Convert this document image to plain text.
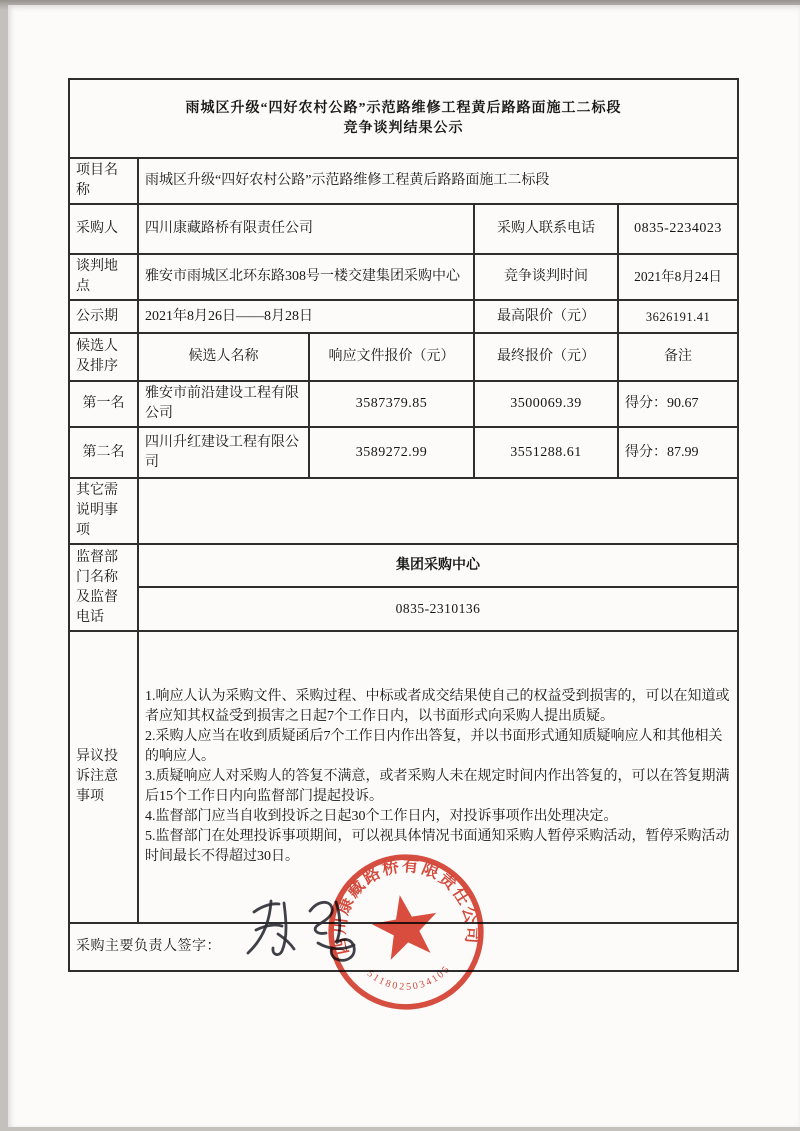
雨城区升级“四好农村公路”示范路维修工程黄后路路面施工二标段
竞争谈判结果公示				

项目名称	雨城区升级“四好农村公路”示范路维修工程黄后路路面施工二标段			
采购人	四川康藏路桥有限责任公司		采购人联系电话	0835-2234023
谈判地点	雅安市雨城区北环东路308号一楼交建集团采购中心		竞争谈判时间	2021年8月24日
公示期	2021年8月26日——8月28日		最高限价（元）	3626191.41
候选人及排序	候选人名称	响应文件报价（元）	最终报价（元）	备注
第一名	雅安市前沿建设工程有限公司	3587379.85	3500069.39	得分：90.67
第二名	四川升红建设工程有限公司	3589272.99	3551288.61	得分：87.99
其它需说明事项				
监督部门名称及监督电话	集团采购中心			
	0835-2310136			
异议投诉注意事项	1.响应人认为采购文件、采购过程、中标或者成交结果使自己的权益受到损害的，可以在知道或者应知其权益受到损害之日起7个工作日内，以书面形式向采购人提出质疑。

2.采购人应当在收到质疑函后7个工作日内作出答复，并以书面形式通知质疑响应人和其他相关的响应人。

3.质疑响应人对采购人的答复不满意，或者采购人未在规定时间内作出答复的，可以在答复期满后15个工作日内向监督部门提起投诉。

4.监督部门应当自收到投诉之日起30个工作日内，对投诉事项作出处理决定。

5.监督部门在处理投诉事项期间，可以视具体情况书面通知采购人暂停采购活动，暂停采购活动时间最长不得超过30日。			

采购主要负责人签字：					四川康藏路桥有限责任公司
5118025034105
